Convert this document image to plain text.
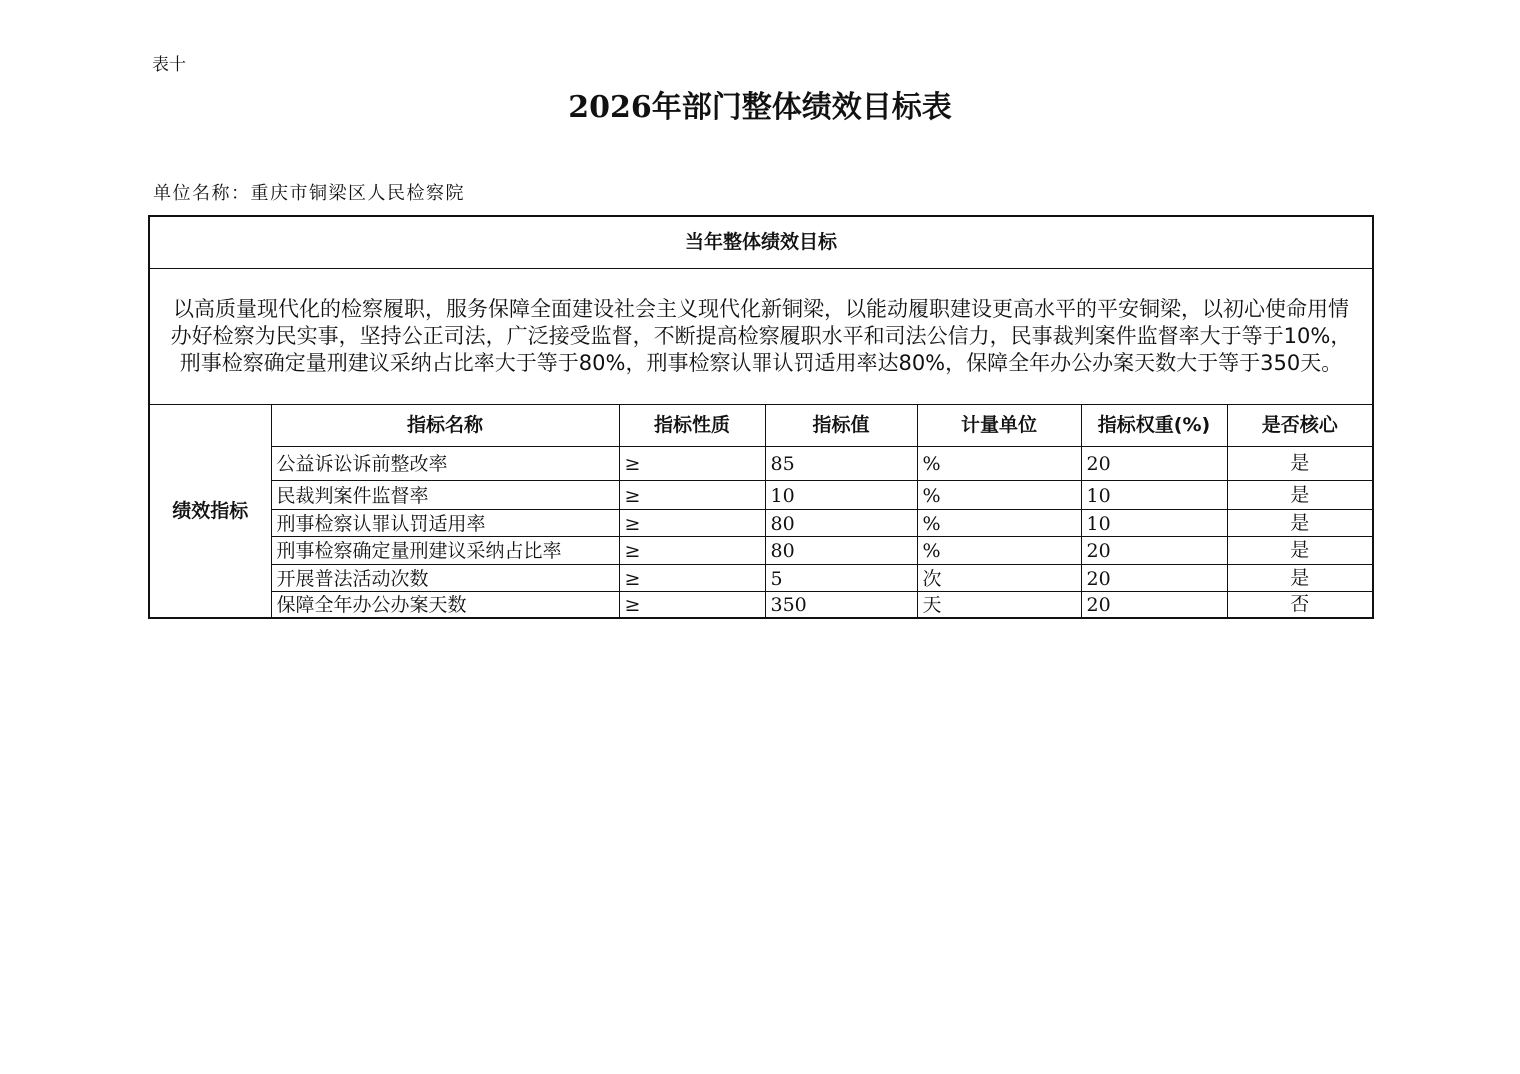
表十
2026年部门整体绩效目标表
单位名称：重庆市铜梁区人民检察院
当年整体绩效目标						

以高质量现代化的检察履职，服务保障全面建设社会主义现代化新铜梁，以能动履职建设更高水平的平安铜梁，以初心使命用情
办好检察为民实事，坚持公正司法，广泛接受监督，不断提高检察履职水平和司法公信力，民事裁判案件监督率大于等于10%，
刑事检察确定量刑建议采纳占比率大于等于80%，刑事检察认罪认罚适用率达80%，保障全年办公办案天数大于等于350天。						

绩效指标	指标名称	指标性质	指标值	计量单位	指标权重(%)	是否核心
	公益诉讼诉前整改率	≥	85	%	20	是
	民裁判案件监督率	≥	10	%	10	是
	刑事检察认罪认罚适用率	≥	80	%	10	是
	刑事检察确定量刑建议采纳占比率	≥	80	%	20	是
	开展普法活动次数	≥	5	次	20	是
	保障全年办公办案天数	≥	350	天	20	否
